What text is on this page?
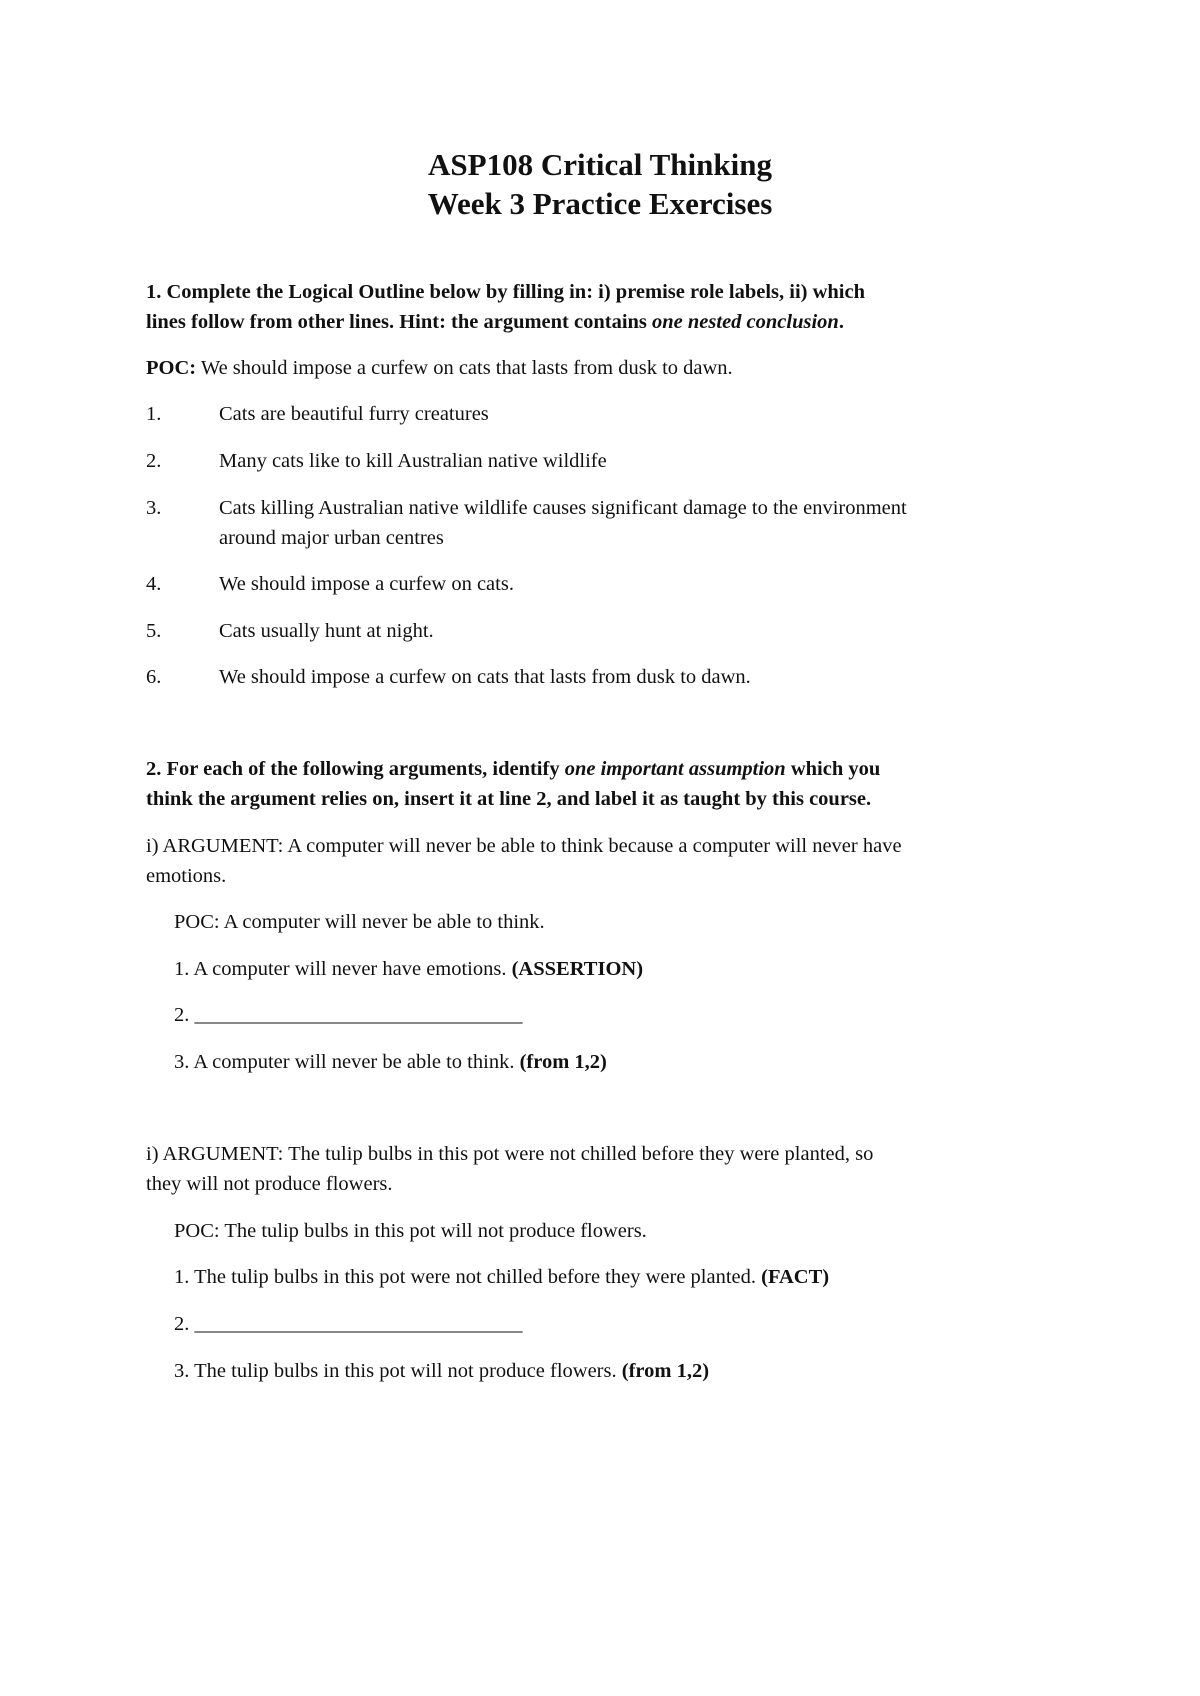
ASP108 Critical Thinking
Week 3 Practice Exercises
1. Complete the Logical Outline below by filling in: i) premise role labels, ii) which
lines follow from other lines. Hint: the argument contains one nested conclusion.
POC: We should impose a curfew on cats that lasts from dusk to dawn.
1.	Cats are beautiful furry creatures
2.	Many cats like to kill Australian native wildlife
3.	Cats killing Australian native wildlife causes significant damage to the environment
around major urban centres
4.	We should impose a curfew on cats.
5.	Cats usually hunt at night.
6.	We should impose a curfew on cats that lasts from dusk to dawn.
2. For each of the following arguments, identify one important assumption which you
think the argument relies on, insert it at line 2, and label it as taught by this course.
i) ARGUMENT: A computer will never be able to think because a computer will never have
emotions.
POC: A computer will never be able to think.
1. A computer will never have emotions. (ASSERTION)
2. ________________________________
3. A computer will never be able to think. (from 1,2)
i) ARGUMENT: The tulip bulbs in this pot were not chilled before they were planted, so
they will not produce flowers.
POC: The tulip bulbs in this pot will not produce flowers.
1. The tulip bulbs in this pot were not chilled before they were planted. (FACT)
2. ________________________________
3. The tulip bulbs in this pot will not produce flowers. (from 1,2)
